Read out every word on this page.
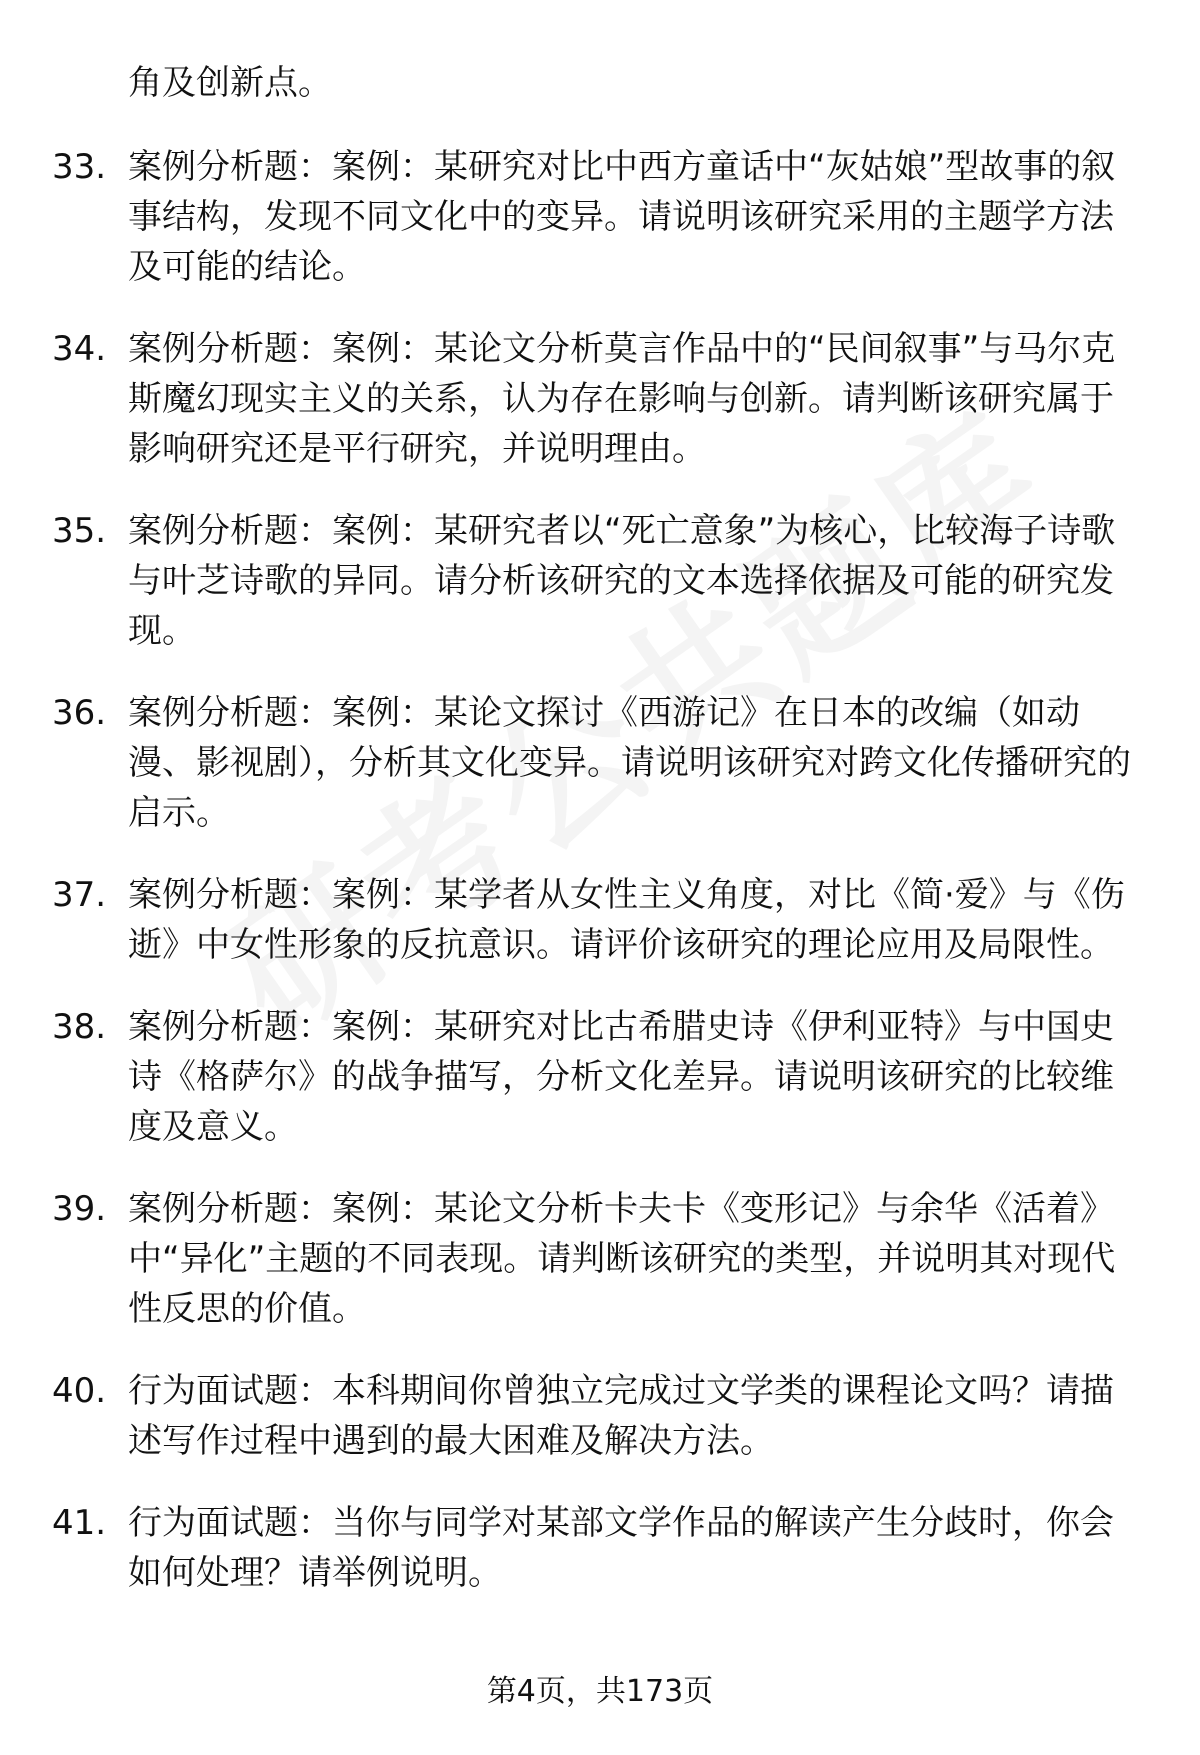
角及创新点。
33. 案例分析题：案例：某研究对比中西方童话中“灰姑娘”型故事的叙事结构，发现不同文化中的变异。请说明该研究采用的主题学方法及可能的结论。
34. 案例分析题：案例：某论文分析莫言作品中的“民间叙事”与马尔克斯魔幻现实主义的关系，认为存在影响与创新。请判断该研究属于影响研究还是平行研究，并说明理由。
35. 案例分析题：案例：某研究者以“死亡意象”为核心，比较海子诗歌与叶芝诗歌的异同。请分析该研究的文本选择依据及可能的研究发现。
36. 案例分析题：案例：某论文探讨《西游记》在日本的改编（如动漫、影视剧），分析其文化变异。请说明该研究对跨文化传播研究的启示。
37. 案例分析题：案例：某学者从女性主义角度，对比《简·爱》与《伤逝》中女性形象的反抗意识。请评价该研究的理论应用及局限性。
38. 案例分析题：案例：某研究对比古希腊史诗《伊利亚特》与中国史诗《格萨尔》的战争描写，分析文化差异。请说明该研究的比较维度及意义。
39. 案例分析题：案例：某论文分析卡夫卡《变形记》与余华《活着》中“异化”主题的不同表现。请判断该研究的类型，并说明其对现代性反思的价值。
40. 行为面试题：本科期间你曾独立完成过文学类的课程论文吗？请描述写作过程中遇到的最大困难及解决方法。
41. 行为面试题：当你与同学对某部文学作品的解读产生分歧时，你会如何处理？请举例说明。
第4页，共173页
